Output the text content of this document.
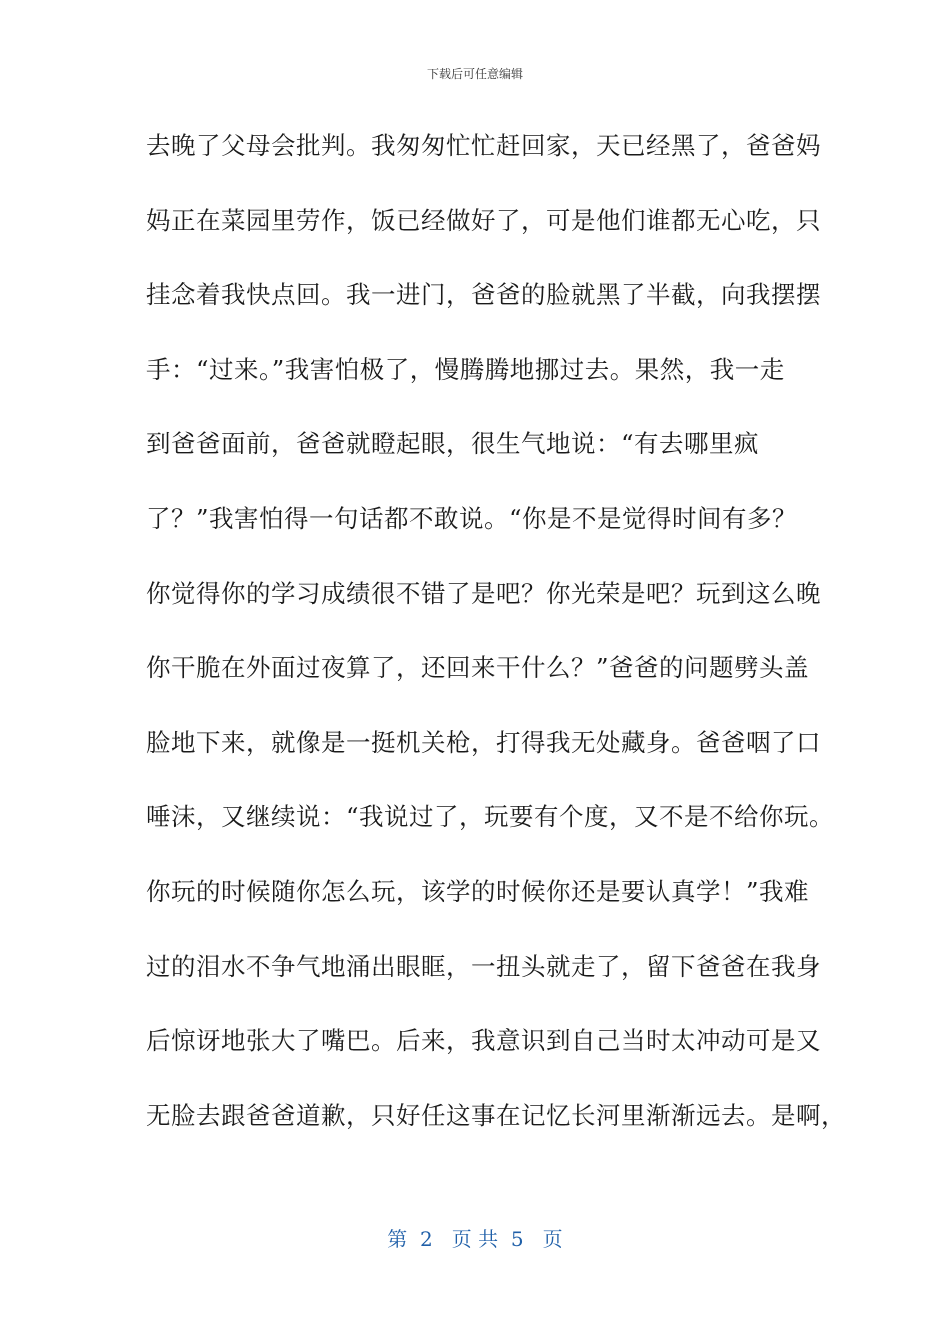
下载后可任意编辑
去晚了父母会批判。我匆匆忙忙赶回家，天已经黑了，爸爸妈
妈正在菜园里劳作，饭已经做好了，可是他们谁都无心吃，只
挂念着我快点回。我一进门，爸爸的脸就黑了半截，向我摆摆
手：“过来。”我害怕极了，慢腾腾地挪过去。果然，我一走
到爸爸面前，爸爸就瞪起眼，很生气地说：“有去哪里疯
了？”我害怕得一句话都不敢说。“你是不是觉得时间有多？
你觉得你的学习成绩很不错了是吧？你光荣是吧？玩到这么晚
你干脆在外面过夜算了，还回来干什么？”爸爸的问题劈头盖
脸地下来，就像是一挺机关枪，打得我无处藏身。爸爸咽了口
唾沫，又继续说：“我说过了，玩要有个度，又不是不给你玩。
你玩的时候随你怎么玩，该学的时候你还是要认真学！”我难
过的泪水不争气地涌出眼眶，一扭头就走了，留下爸爸在我身
后惊讶地张大了嘴巴。后来，我意识到自己当时太冲动可是又
无脸去跟爸爸道歉，只好任这事在记忆长河里渐渐远去。是啊，
第  2   页 共  5   页
